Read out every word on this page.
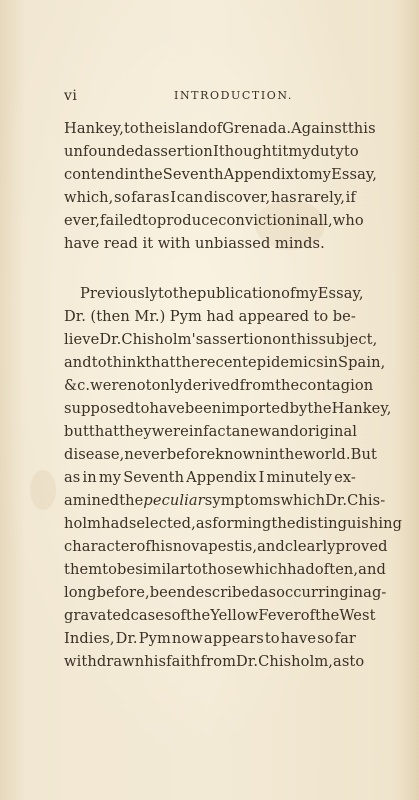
vi	INTRODUCTION.
Hankey, to the island of Grenada. Against this
unfounded assertion I thought it my duty to
contend in the Seventh Appendix to my Essay,
which, so far as I can discover, has rarely, if
ever, failed to produce conviction in all, who
have read it with unbiassed minds.
Previously to the publication of my Essay,
Dr. (then Mr.) Pym had appeared to be-
lieve Dr. Chisholm's assertion on this subject,
and to think that the recent epidemics in Spain,
&c. were not only derived from the contagion
supposed to have been imported by the Hankey,
but that they were in fact a new and original
disease, never before known in the world. But
as in my Seventh Appendix I minutely ex-
amined the peculiar symptoms which Dr. Chis-
holm had selected, as forming the distinguishing
character of his nova pestis, and clearly proved
them to be similar to those which had often, and
long before, been described as occurring in ag-
gravated cases of the Yellow Fever of the West
Indies, Dr. Pym now appears to have so far
withdrawn his faith from Dr. Chisholm, as to
